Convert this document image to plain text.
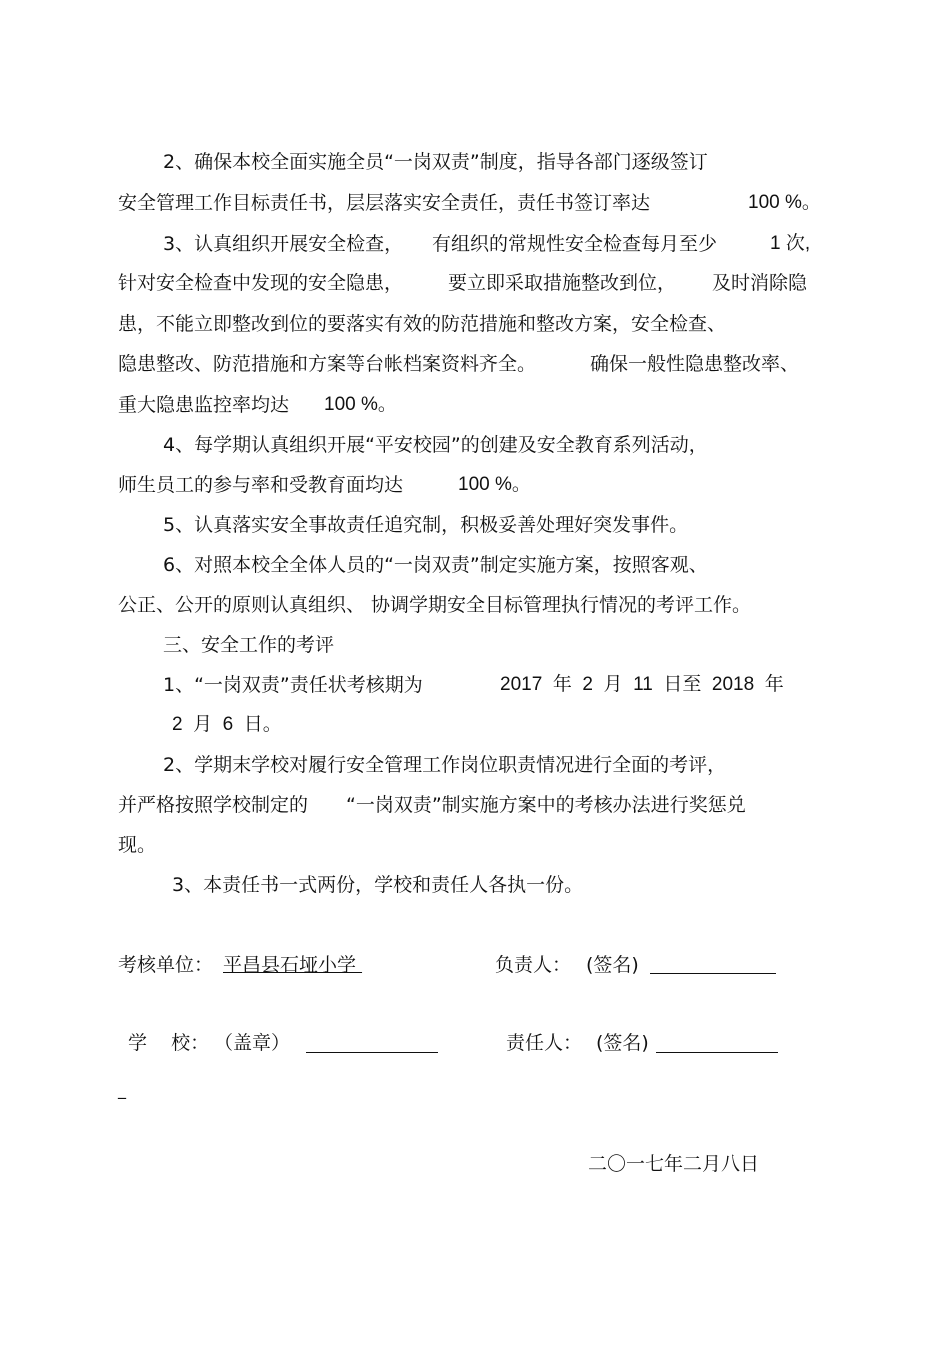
2、确保本校全面实施全员“一岗双责”制度，指导各部门逐级签订
安全管理工作目标责任书，层层落实安全责任，责任书签订率达	100 %。
3、认真组织开展安全检查， 有组织的常规性安全检查每月至少	1 次,
针对安全检查中发现的安全隐患， 要立即采取措施整改到位， 及时消除隐
患，不能立即整改到位的要落实有效的防范措施和整改方案，安全检查、
隐患整改、防范措施和方案等台帐档案资料齐全。	确保一般性隐患整改率、
重大隐患监控率均达 100 %。
4、每学期认真组织开展“平安校园”的创建及安全教育系列活动，
师生员工的参与率和受教育面均达	100 %。
5、认真落实安全事故责任追究制，积极妥善处理好突发事件。
6、对照本校全全体人员的“一岗双责”制定实施方案，按照客观、
公正、公开的原则认真组织、 协调学期安全目标管理执行情况的考评工作。
三、安全工作的考评
1、“一岗双责”责任状考核期为	2017  年  2  月  11  日至  2018  年
2  月  6  日。
2、学期末学校对履行安全管理工作岗位职责情况进行全面的考评，
并严格按照学校制定的 “一岗双责”制实施方案中的考核办法进行奖惩兑
现。
3、本责任书一式两份，学校和责任人各执一份。
考核单位： 平昌县石垭小学	负责人： (签名)
学    校： （盖章）	责任人： (签名)
_
二〇一七年二月八日
